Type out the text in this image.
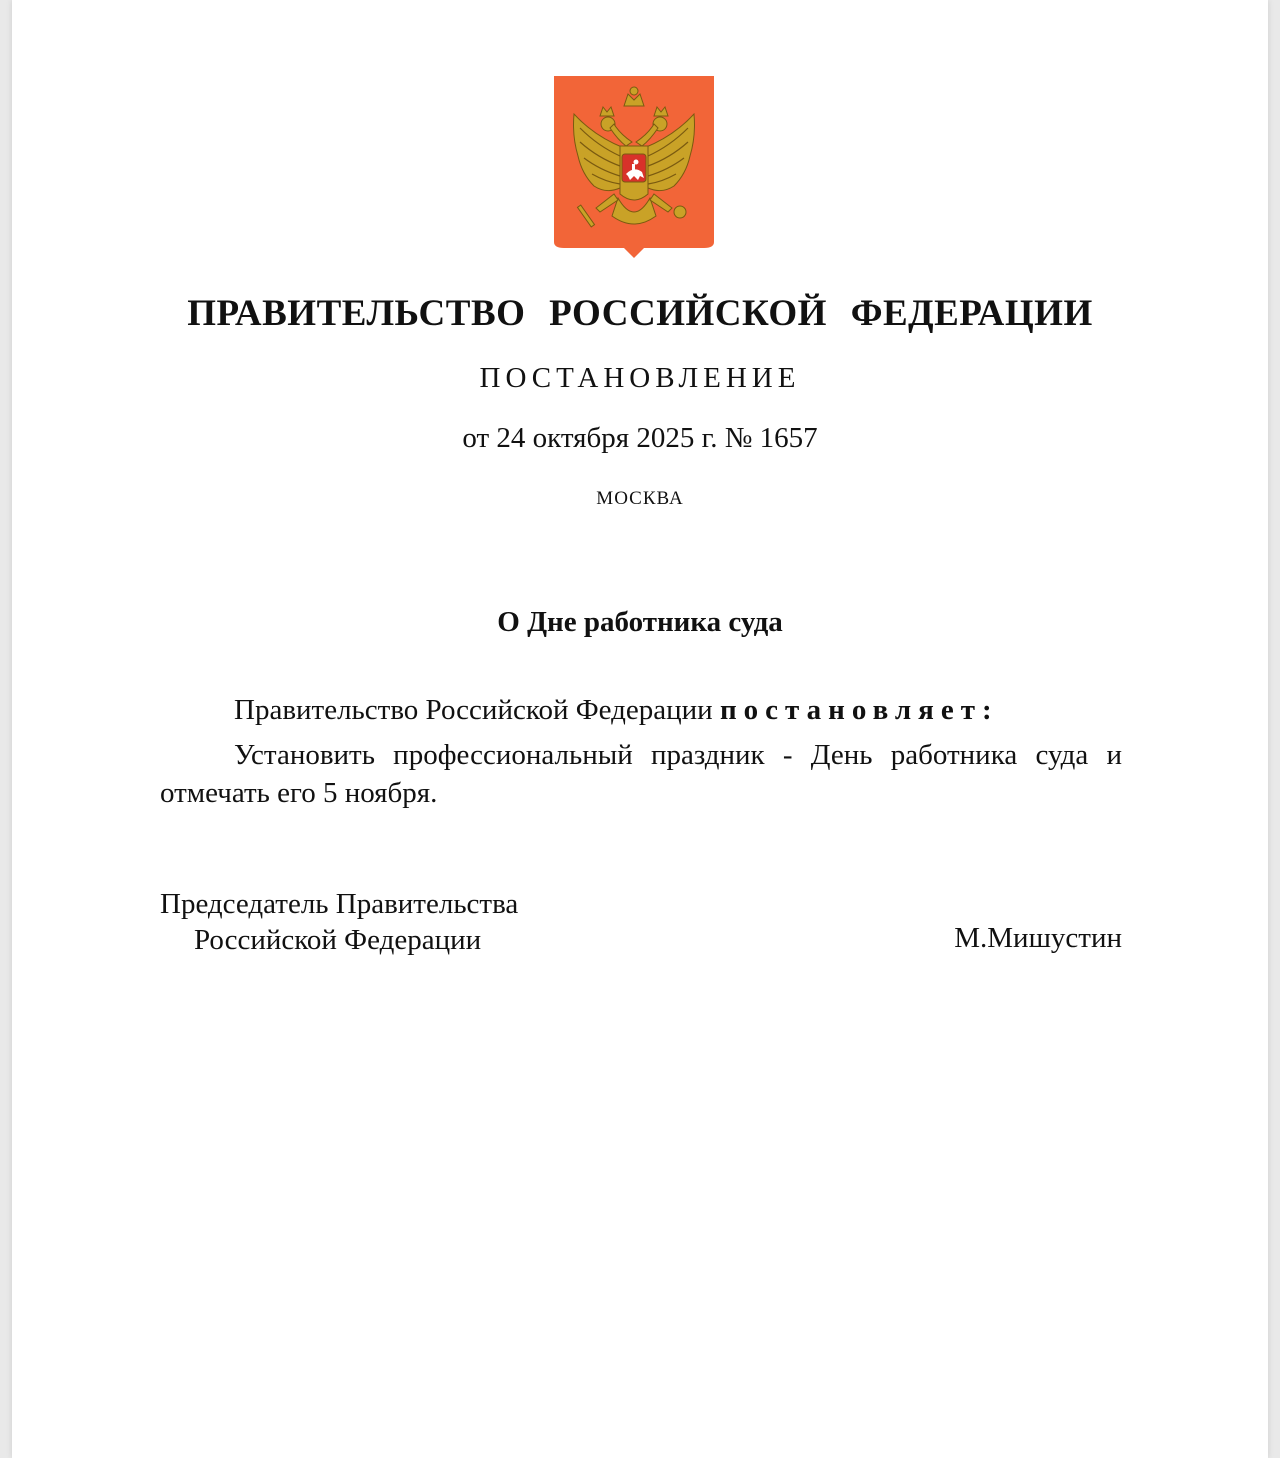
ПРАВИТЕЛЬСТВО РОССИЙСКОЙ ФЕДЕРАЦИИ
ПОСТАНОВЛЕНИЕ
от 24 октября 2025 г. № 1657
МОСКВА
О Дне работника суда
Правительство Российской Федерации постановляет:
Установить профессиональный праздник - День работника суда и отмечать его 5 ноября.
Председатель Правительства
Российской Федерации	М.Мишустин
